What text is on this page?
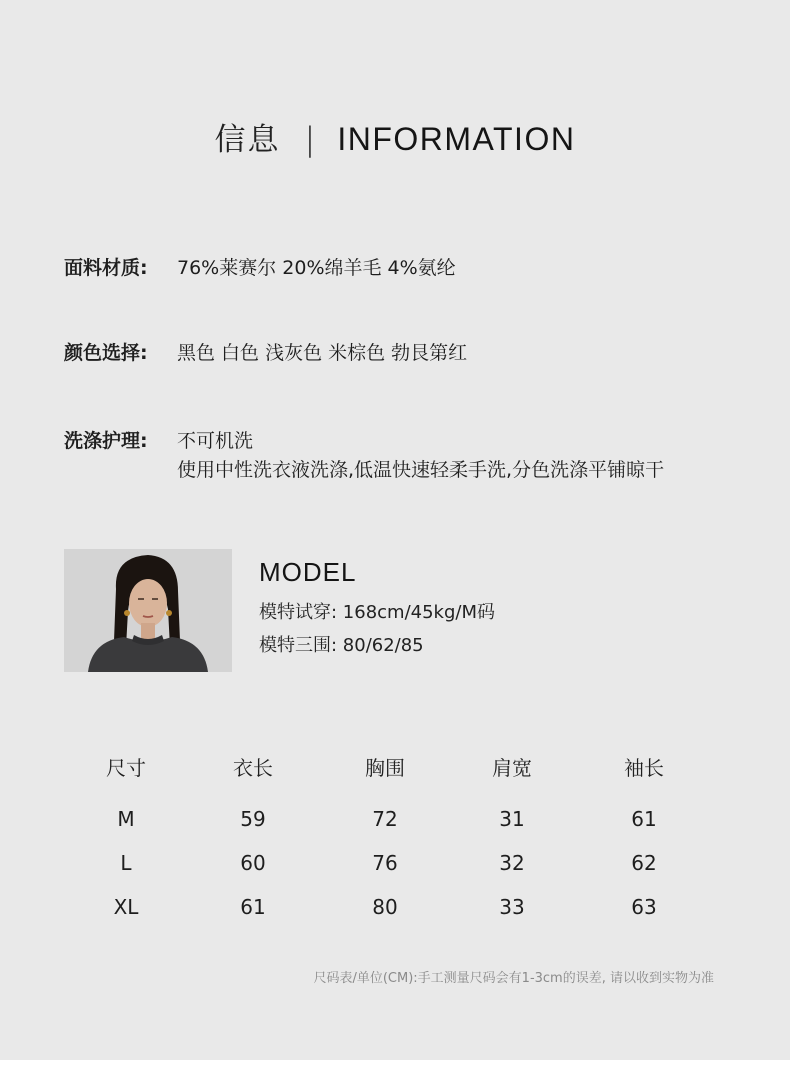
信息 | INFORMATION
面料材质: 76%莱赛尔 20%绵羊毛 4%氨纶
颜色选择: 黑色 白色 浅灰色 米棕色 勃艮第红
洗涤护理: 不可机洗
使用中性洗衣液洗涤,低温快速轻柔手洗,分色洗涤平铺晾干
MODEL
模特试穿: 168cm/45kg/M码
模特三围: 80/62/85
尺寸	衣长	胸围	肩宽	袖长
M	59	72	31	61
L	60	76	32	62
XL	61	80	33	63
尺码表/单位(CM):手工测量尺码会有1-3cm的误差, 请以收到实物为准
